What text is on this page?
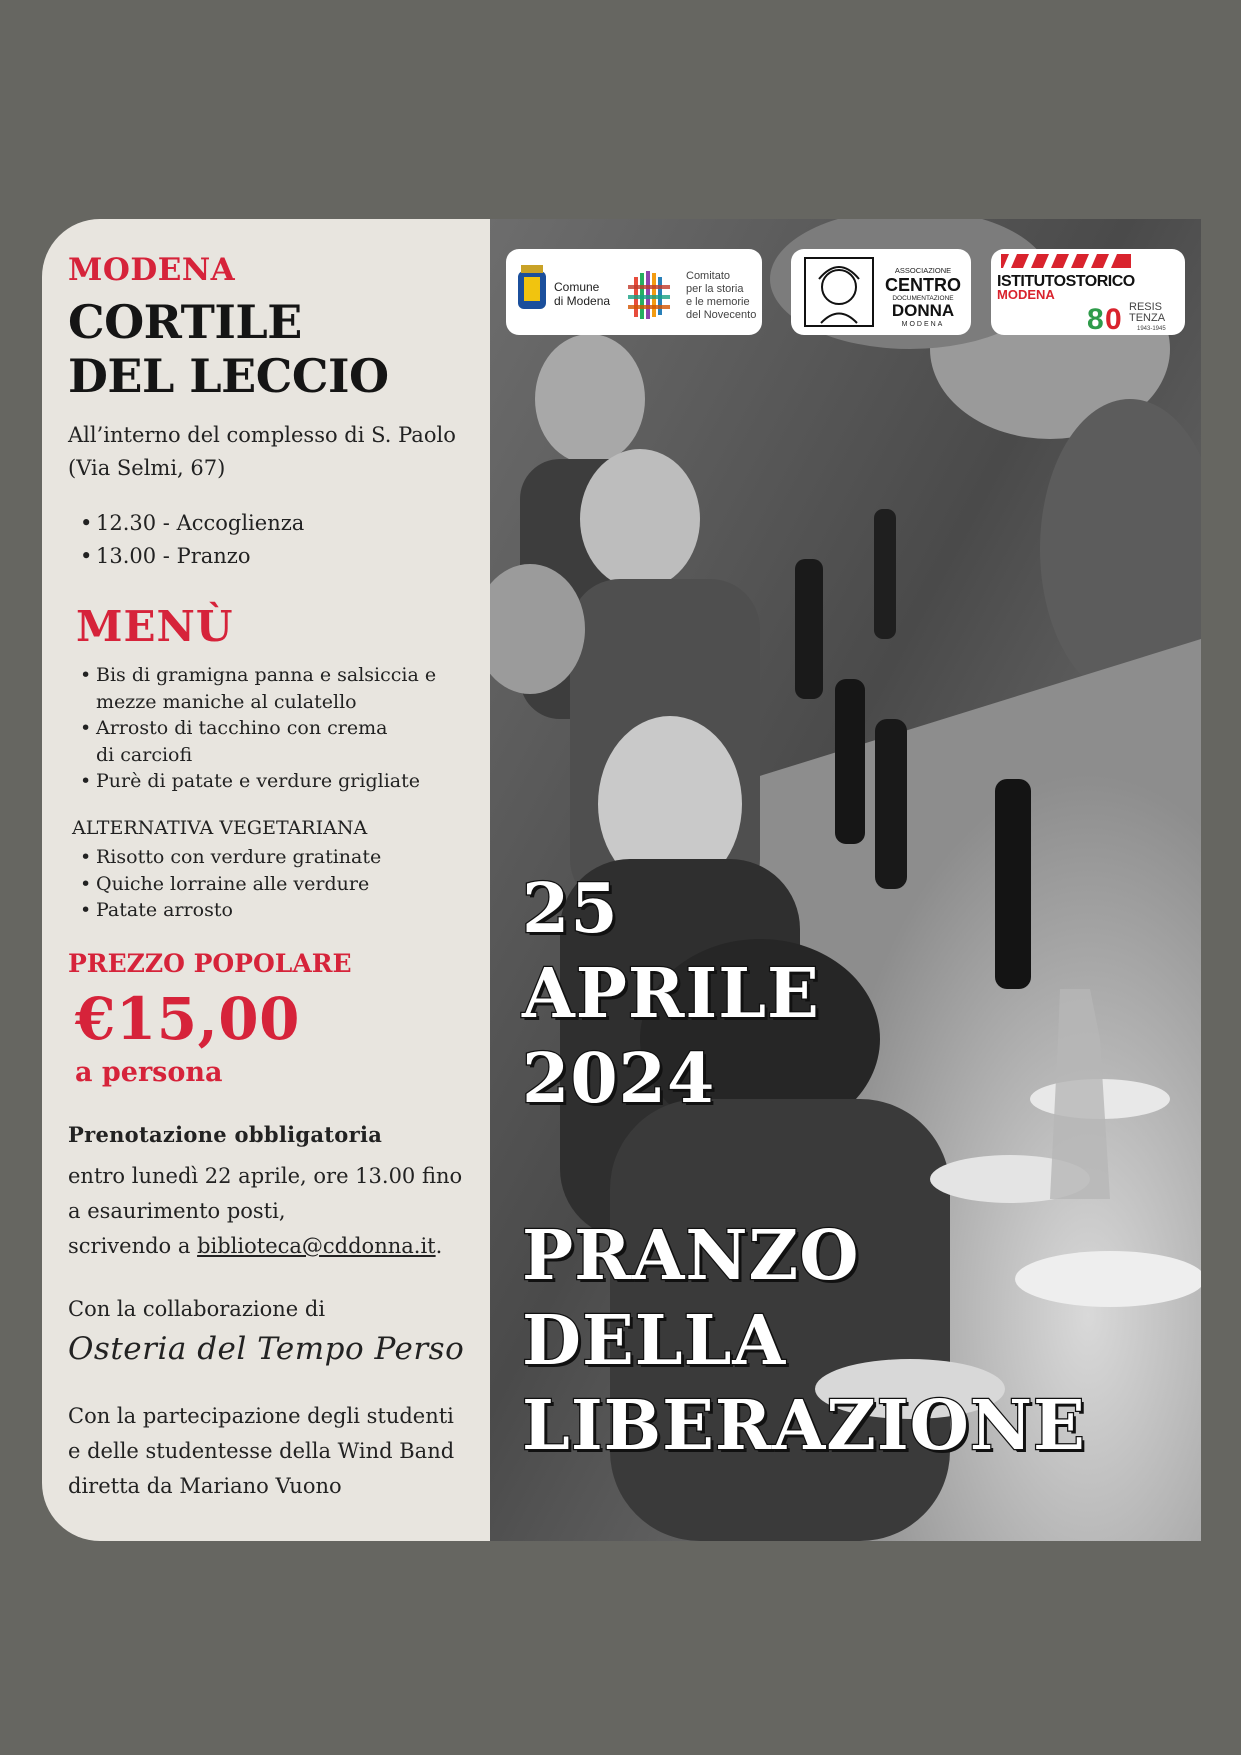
MODENA
CORTILE
DEL LECCIO
All’interno del complesso di S. Paolo
(Via Selmi, 67)
• 12.30 - Accoglienza
• 13.00 - Pranzo
MENÙ
• Bis di gramigna panna e salsiccia e
mezze maniche al culatello
• Arrosto di tacchino con crema
di carciofi
• Purè di patate e verdure grigliate
ALTERNATIVA VEGETARIANA
• Risotto con verdure gratinate
• Quiche lorraine alle verdure
• Patate arrosto
PREZZO POPOLARE
€15,00
a persona
Prenotazione obbligatoria
entro lunedì 22 aprile, ore 13.00 fino
a esaurimento posti,
scrivendo a biblioteca@cddonna.it.
Con la collaborazione di
Osteria del Tempo Perso
Con la partecipazione degli studenti
e delle studentesse della Wind Band
diretta da Mariano Vuono
Comune
di Modena
Comitato
per la storia
e le memorie
del Novecento
ASSOCIAZIONE
CENTRO
DOCUMENTAZIONE
DONNA
MODENA
ISTITUTOSTORICO
MODENA
8 0 RESIS
TENZA
1943-1945
25
APRILE
2024
PRANZO
DELLA
LIBERAZIONE
